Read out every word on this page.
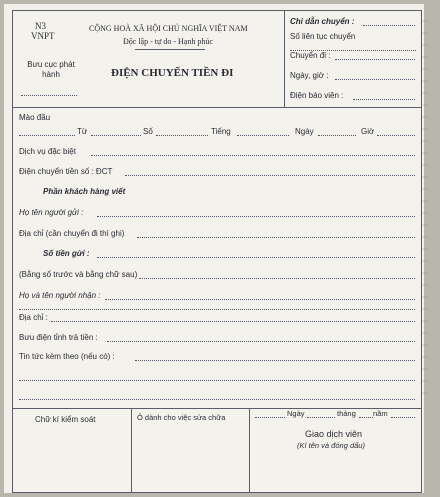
N3
VNPT
Bưu cục phát hành
CỘNG HOÀ XÃ HỘI CHỦ NGHĨA VIỆT NAM
Độc lập - tự do - Hạnh phúc
ĐIỆN CHUYỂN TIỀN ĐI
Chỉ dẫn chuyển :
Số liên tục chuyển
Chuyển đi :
Ngày, giờ :
Điện báo viên :
Mào đầu
Từ	Số	Tiếng	Ngày	Giờ
Dịch vụ đặc biệt
Điện chuyển tiền số : ĐCT
Phần khách hàng viết
Họ tên người gửi :
Địa chỉ (cần chuyển đi thì ghi)
Số tiền gửi :
(Bằng số trước và bằng chữ sau)
Họ và tên người nhận :
Địa chỉ :
Bưu điện tỉnh trả tiền :
Tin tức kèm theo (nếu có) :
Chữ kí kiểm soát	Ô dành cho việc sửa chữa	Ngày	tháng năm
Giao dịch viên
(Kí tên và đóng dấu)
